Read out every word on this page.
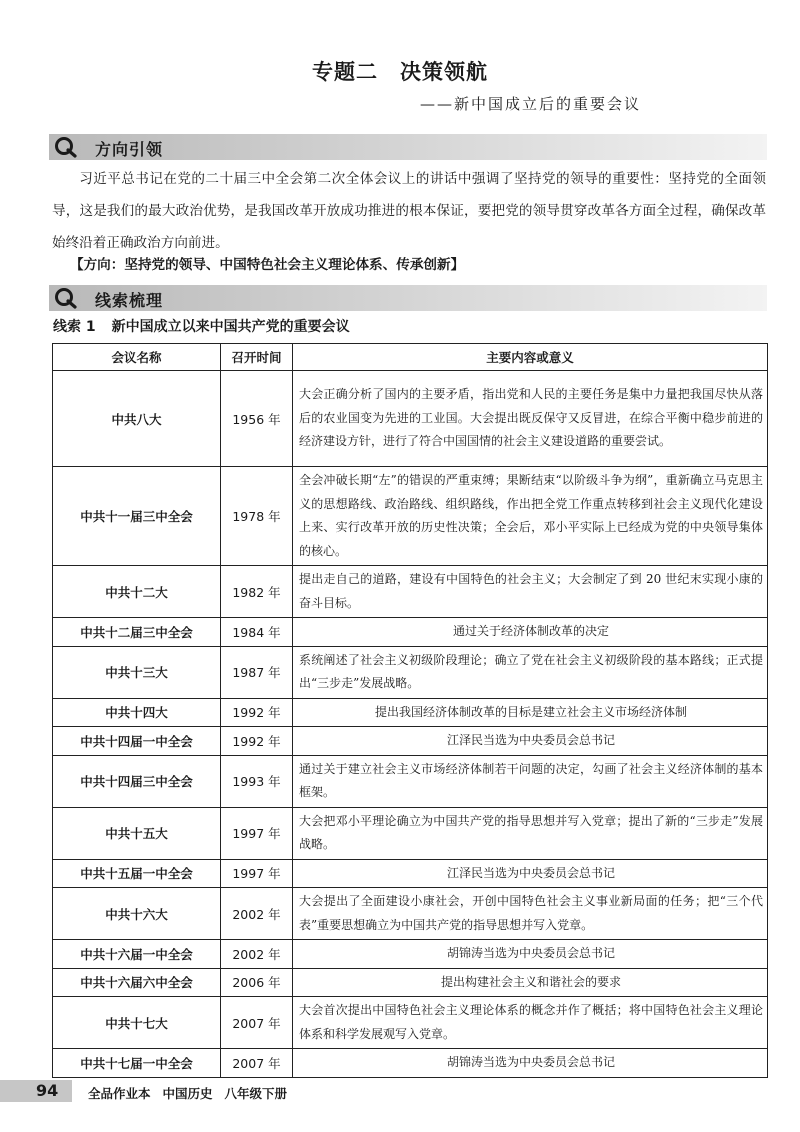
专题二 决策领航
——新中国成立后的重要会议
方向引领
习近平总书记在党的二十届三中全会第二次全体会议上的讲话中强调了坚持党的领导的重要性：坚持党的全面领导，这是我们的最大政治优势，是我国改革开放成功推进的根本保证，要把党的领导贯穿改革各方面全过程，确保改革始终沿着正确政治方向前进。
【方向：坚持党的领导、中国特色社会主义理论体系、传承创新】
线索梳理
线索 1 新中国成立以来中国共产党的重要会议
会议名称	召开时间	主要内容或意义
中共八大	1956 年	大会正确分析了国内的主要矛盾，指出党和人民的主要任务是集中力量把我国尽快从落后的农业国变为先进的工业国。大会提出既反保守又反冒进，在综合平衡中稳步前进的经济建设方针，进行了符合中国国情的社会主义建设道路的重要尝试。
中共十一届三中全会	1978 年	全会冲破长期“左”的错误的严重束缚；果断结束“以阶级斗争为纲”，重新确立马克思主义的思想路线、政治路线、组织路线，作出把全党工作重点转移到社会主义现代化建设上来、实行改革开放的历史性决策；全会后，邓小平实际上已经成为党的中央领导集体的核心。
中共十二大	1982 年	提出走自己的道路，建设有中国特色的社会主义；大会制定了到 20 世纪末实现小康的奋斗目标。
中共十二届三中全会	1984 年	通过关于经济体制改革的决定
中共十三大	1987 年	系统阐述了社会主义初级阶段理论；确立了党在社会主义初级阶段的基本路线；正式提出“三步走”发展战略。
中共十四大	1992 年	提出我国经济体制改革的目标是建立社会主义市场经济体制
中共十四届一中全会	1992 年	江泽民当选为中央委员会总书记
中共十四届三中全会	1993 年	通过关于建立社会主义市场经济体制若干问题的决定，勾画了社会主义经济体制的基本框架。
中共十五大	1997 年	大会把邓小平理论确立为中国共产党的指导思想并写入党章；提出了新的“三步走”发展战略。
中共十五届一中全会	1997 年	江泽民当选为中央委员会总书记
中共十六大	2002 年	大会提出了全面建设小康社会，开创中国特色社会主义事业新局面的任务；把“三个代表”重要思想确立为中国共产党的指导思想并写入党章。
中共十六届一中全会	2002 年	胡锦涛当选为中央委员会总书记
中共十六届六中全会	2006 年	提出构建社会主义和谐社会的要求
中共十七大	2007 年	大会首次提出中国特色社会主义理论体系的概念并作了概括；将中国特色社会主义理论体系和科学发展观写入党章。
中共十七届一中全会	2007 年	胡锦涛当选为中央委员会总书记
94 全品作业本 中国历史 八年级下册
